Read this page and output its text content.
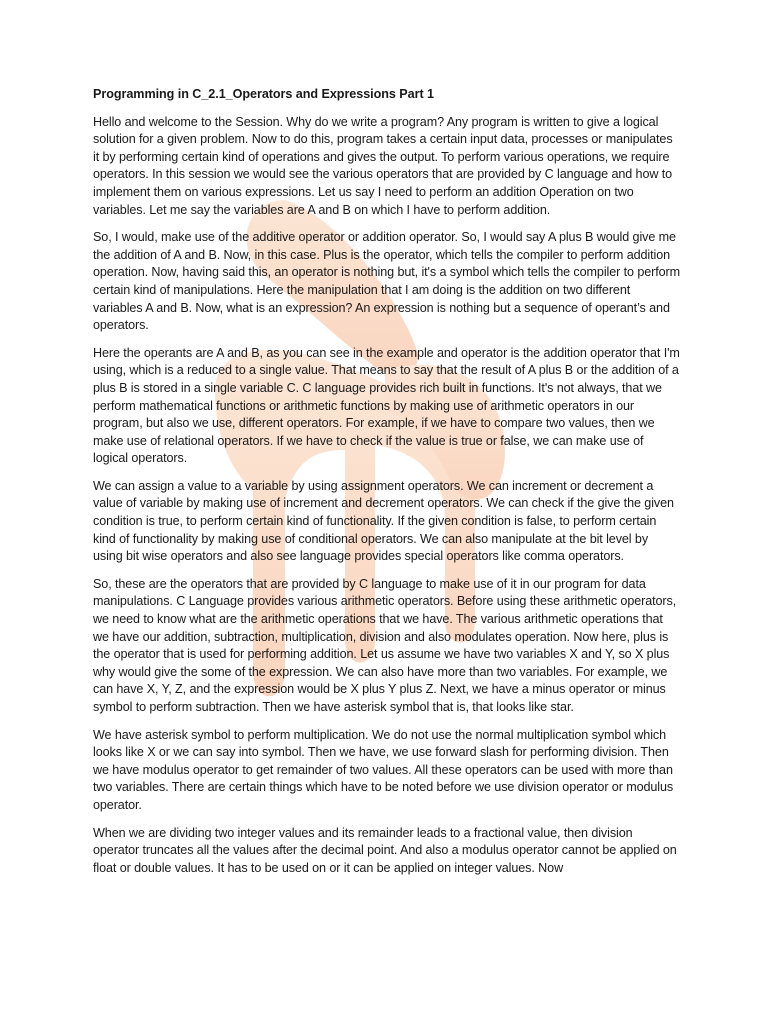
Programming in C_2.1_Operators and Expressions Part 1

Hello and welcome to the Session. Why do we write a program? Any program is written to give a logical solution for a given problem. Now to do this, program takes a certain input data, processes or manipulates it by performing certain kind of operations and gives the output. To perform various operations, we require operators. In this session we would see the various operators that are provided by C language and how to implement them on various expressions. Let us say I need to perform an addition Operation on two variables. Let me say the variables are A and B on which I have to perform addition.

So, I would, make use of the additive operator or addition operator. So, I would say A plus B would give me the addition of A and B. Now, in this case. Plus is the operator, which tells the compiler to perform addition operation. Now, having said this, an operator is nothing but, it's a symbol which tells the compiler to perform certain kind of manipulations. Here the manipulation that I am doing is the addition on two different variables A and B. Now, what is an expression? An expression is nothing but a sequence of operant’s and operators.

Here the operants are A and B, as you can see in the example and operator is the addition operator that I'm using, which is a reduced to a single value. That means to say that the result of A plus B or the addition of a plus B is stored in a single variable C. C language provides rich built in functions. It's not always, that we perform mathematical functions or arithmetic functions by making use of arithmetic operators in our program, but also we use, different operators. For example, if we have to compare two values, then we make use of relational operators. If we have to check if the value is true or false, we can make use of logical operators.

We can assign a value to a variable by using assignment operators. We can increment or decrement a value of variable by making use of increment and decrement operators. We can check if the give the given condition is true, to perform certain kind of functionality. If the given condition is false, to perform certain kind of functionality by making use of conditional operators. We can also manipulate at the bit level by using bit wise operators and also see language provides special operators like comma operators.

So, these are the operators that are provided by C language to make use of it in our program for data manipulations. C Language provides various arithmetic operators. Before using these arithmetic operators, we need to know what are the arithmetic operations that we have. The various arithmetic operations that we have our addition, subtraction, multiplication, division and also modulates operation. Now here, plus is the operator that is used for performing addition. Let us assume we have two variables X and Y, so X plus why would give the some of the expression. We can also have more than two variables. For example, we can have X, Y, Z, and the expression would be X plus Y plus Z. Next, we have a minus operator or minus symbol to perform subtraction. Then we have asterisk symbol that is, that looks like star.

We have asterisk symbol to perform multiplication. We do not use the normal multiplication symbol which looks like X or we can say into symbol. Then we have, we use forward slash for performing division. Then we have modulus operator to get remainder of two values. All these operators can be used with more than two variables. There are certain things which have to be noted before we use division operator or modulus operator.

When we are dividing two integer values and its remainder leads to a fractional value, then division operator truncates all the values after the decimal point. And also a modulus operator cannot be applied on float or double values. It has to be used on or it can be applied on integer values. Now
